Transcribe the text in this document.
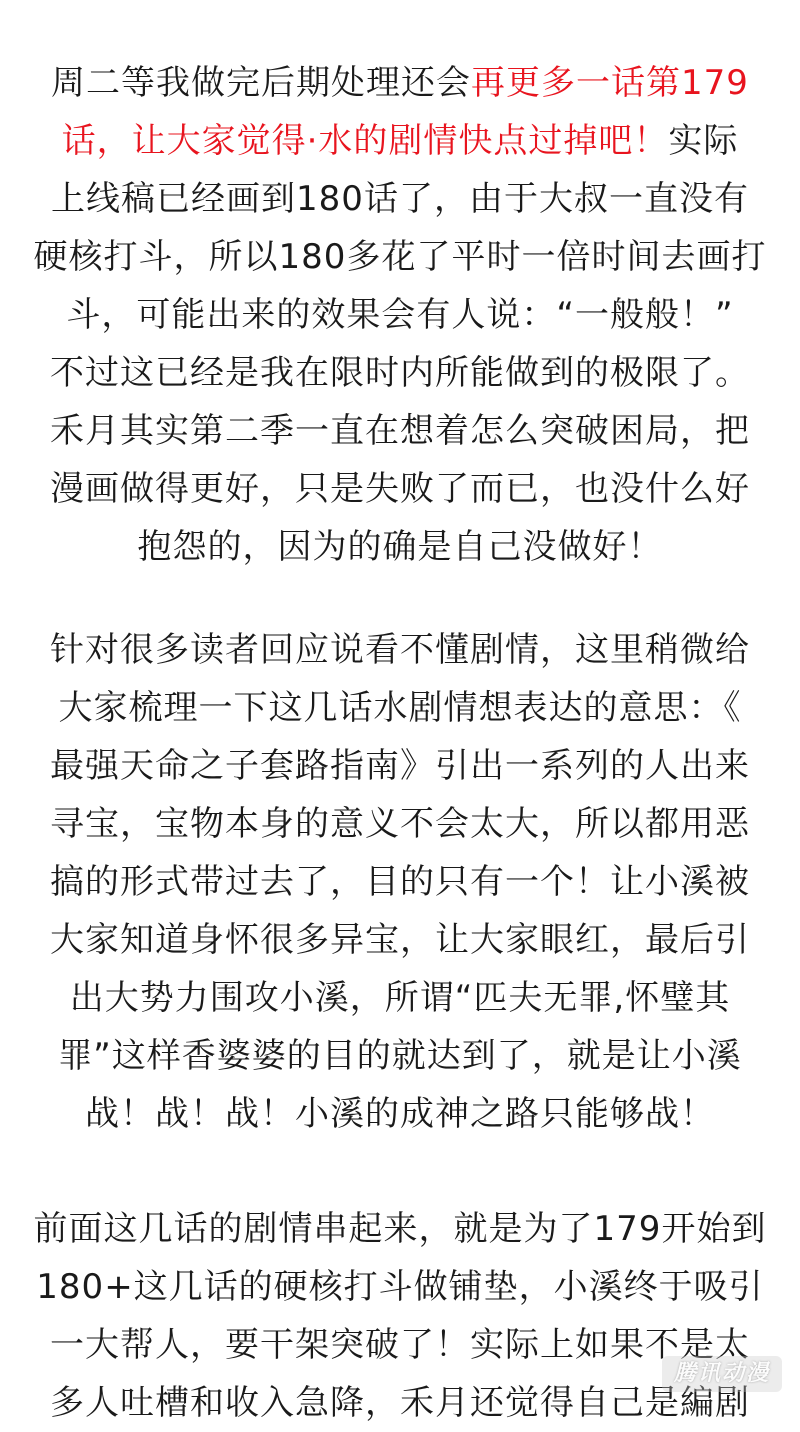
周二等我做完后期处理还会再更多一话第179
话，让大家觉得·水的剧情快点过掉吧！实际
上线稿已经画到180话了，由于大叔一直没有
硬核打斗，所以180多花了平时一倍时间去画打
斗，可能出来的效果会有人说：“一般般！”
不过这已经是我在限时内所能做到的极限了。
禾月其实第二季一直在想着怎么突破困局，把
漫画做得更好，只是失败了而已，也没什么好
抱怨的，因为的确是自己没做好！
针对很多读者回应说看不懂剧情，这里稍微给
大家梳理一下这几话水剧情想表达的意思：《
最强天命之子套路指南》引出一系列的人出来
寻宝，宝物本身的意义不会太大，所以都用恶
搞的形式带过去了，目的只有一个！让小溪被
大家知道身怀很多异宝，让大家眼红，最后引
出大势力围攻小溪，所谓“匹夫无罪,怀璧其
罪”这样香婆婆的目的就达到了，就是让小溪
战！战！战！小溪的成神之路只能够战！
前面这几话的剧情串起来，就是为了179开始到
180+这几话的硬核打斗做铺垫，小溪终于吸引
一大帮人，要干架突破了！实际上如果不是太
多人吐槽和收入急降，禾月还觉得自己是編剧
腾讯动漫
